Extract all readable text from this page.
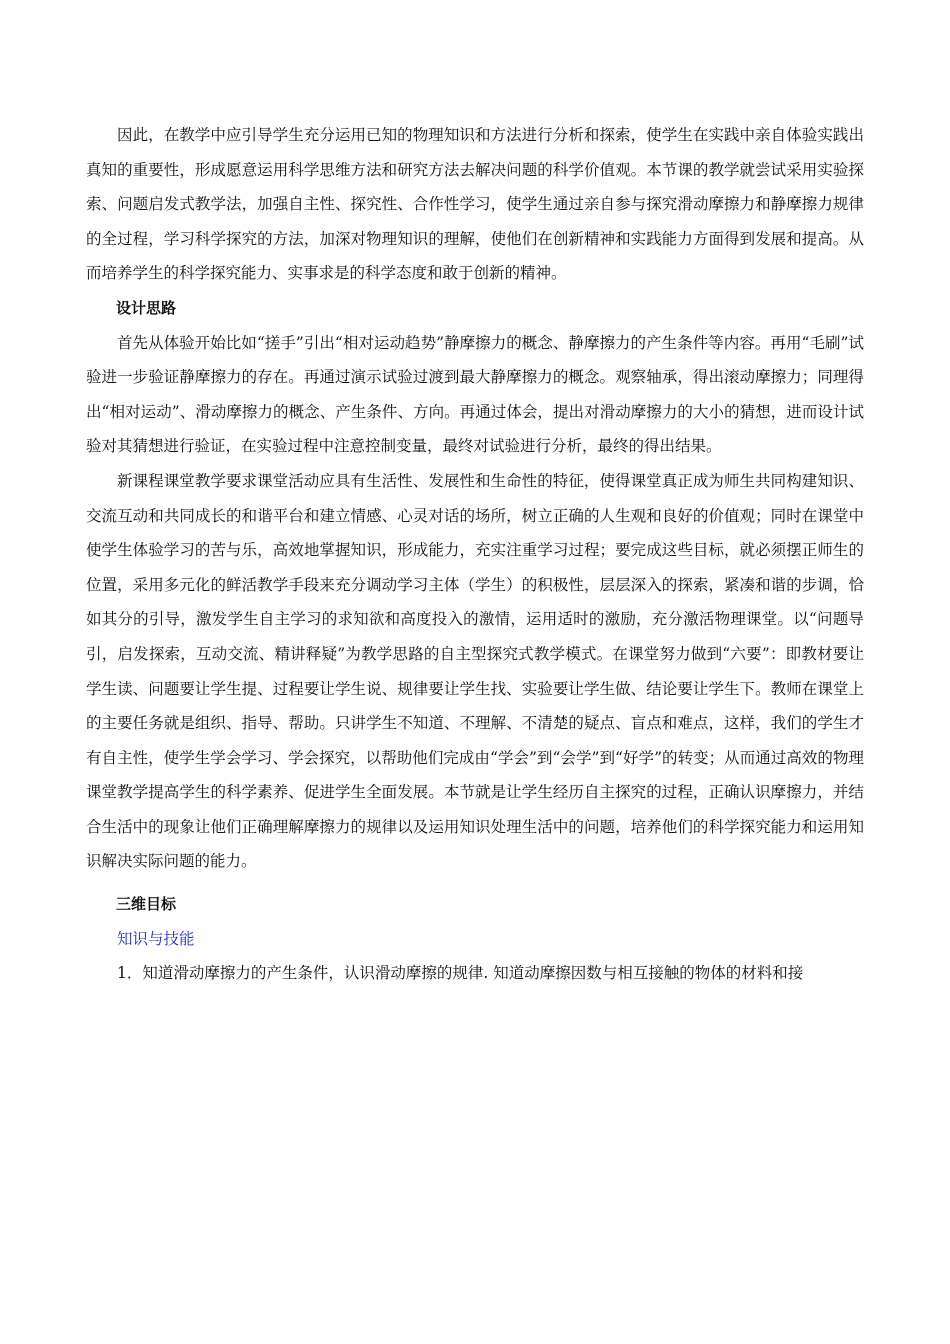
因此，在教学中应引导学生充分运用已知的物理知识和方法进行分析和探索，使学生在实践中亲自体验实践出真知的重要性，形成愿意运用科学思维方法和研究方法去解决问题的科学价值观。本节课的教学就尝试采用实验探索、问题启发式教学法，加强自主性、探究性、合作性学习，使学生通过亲自参与探究滑动摩擦力和静摩擦力规律的全过程，学习科学探究的方法，加深对物理知识的理解，使他们在创新精神和实践能力方面得到发展和提高。从而培养学生的科学探究能力、实事求是的科学态度和敢于创新的精神。

设计思路

首先从体验开始比如“搓手”引出“相对运动趋势”静摩擦力的概念、静摩擦力的产生条件等内容。再用“毛刷”试验进一步验证静摩擦力的存在。再通过演示试验过渡到最大静摩擦力的概念。观察轴承，得出滚动摩擦力；同理得出“相对运动”、滑动摩擦力的概念、产生条件、方向。再通过体会，提出对滑动摩擦力的大小的猜想，进而设计试验对其猜想进行验证，在实验过程中注意控制变量，最终对试验进行分析，最终的得出结果。

新课程课堂教学要求课堂活动应具有生活性、发展性和生命性的特征，使得课堂真正成为师生共同构建知识、交流互动和共同成长的和谐平台和建立情感、心灵对话的场所，树立正确的人生观和良好的价值观；同时在课堂中使学生体验学习的苦与乐，高效地掌握知识，形成能力，充实注重学习过程；要完成这些目标，就必须摆正师生的位置，采用多元化的鲜活教学手段来充分调动学习主体（学生）的积极性，层层深入的探索，紧凑和谐的步调，恰如其分的引导，激发学生自主学习的求知欲和高度投入的激情，运用适时的激励，充分激活物理课堂。以“问题导引，启发探索，互动交流、精讲释疑”为教学思路的自主型探究式教学模式。在课堂努力做到“六要”：即教材要让学生读、问题要让学生提、过程要让学生说、规律要让学生找、实验要让学生做、结论要让学生下。教师在课堂上的主要任务就是组织、指导、帮助。只讲学生不知道、不理解、不清楚的疑点、盲点和难点，这样，我们的学生才有自主性，使学生学会学习、学会探究，以帮助他们完成由“学会”到“会学”到“好学”的转变；从而通过高效的物理课堂教学提高学生的科学素养、促进学生全面发展。本节就是让学生经历自主探究的过程，正确认识摩擦力，并结合生活中的现象让他们正确理解摩擦力的规律以及运用知识处理生活中的问题，培养他们的科学探究能力和运用知识解决实际问题的能力。

三维目标
知识与技能

1．知道滑动摩擦力的产生条件，认识滑动摩擦的规律. 知道动摩擦因数与相互接触的物体的材料和接
